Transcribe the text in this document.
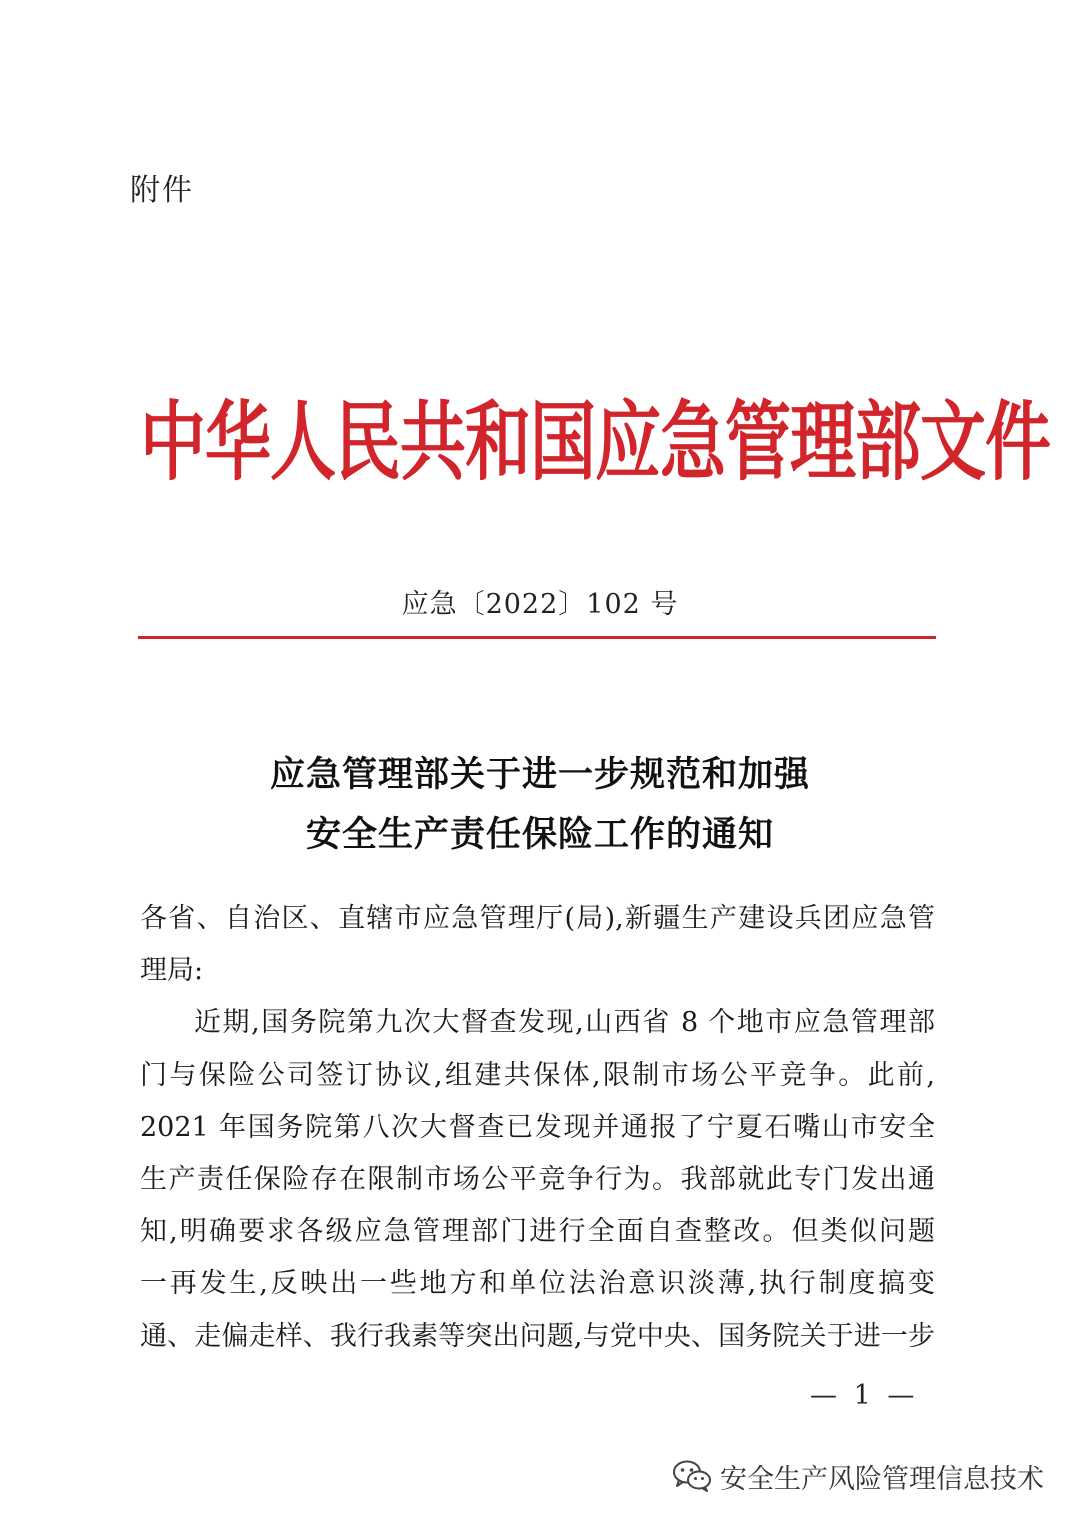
附件
中华人民共和国应急管理部文件
应急〔2022〕102 号
应急管理部关于进一步规范和加强
安全生产责任保险工作的通知
各省、自治区、直辖市应急管理厅(局),新疆生产建设兵团应急管
理局:
近期,国务院第九次大督查发现,山西省 8 个地市应急管理部
门与保险公司签订协议,组建共保体,限制市场公平竞争。此前,
2021 年国务院第八次大督查已发现并通报了宁夏石嘴山市安全
生产责任保险存在限制市场公平竞争行为。我部就此专门发出通
知,明确要求各级应急管理部门进行全面自查整改。但类似问题
一再发生,反映出一些地方和单位法治意识淡薄,执行制度搞变
通、走偏走样、我行我素等突出问题,与党中央、国务院关于进一步
— 1 —
安全生产风险管理信息技术
